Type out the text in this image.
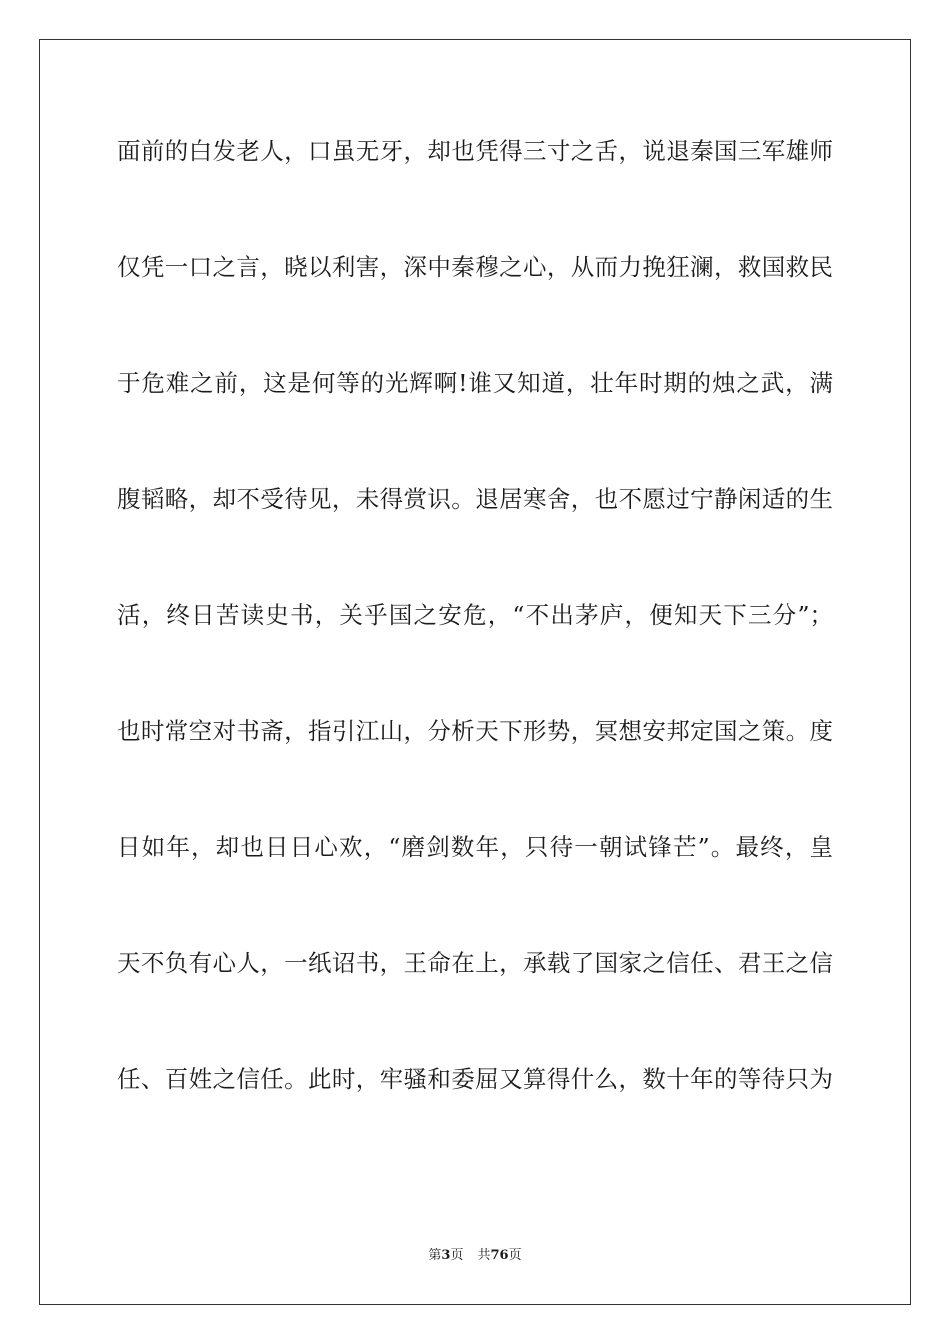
面前的白发老人，口虽无牙，却也凭得三寸之舌，说退秦国三军雄师
仅凭一口之言，晓以利害，深中秦穆之心，从而力挽狂澜，救国救民
于危难之前，这是何等的光辉啊!谁又知道，壮年时期的烛之武，满
腹韬略，却不受待见，未得赏识。退居寒舍，也不愿过宁静闲适的生
活，终日苦读史书，关乎国之安危，“不出茅庐，便知天下三分”；
也时常空对书斋，指引江山，分析天下形势，冥想安邦定国之策。度
日如年，却也日日心欢，“磨剑数年，只待一朝试锋芒”。最终，皇
天不负有心人，一纸诏书，王命在上，承载了国家之信任、君王之信
任、百姓之信任。此时，牢骚和委屈又算得什么，数十年的等待只为
第3页 共76页
